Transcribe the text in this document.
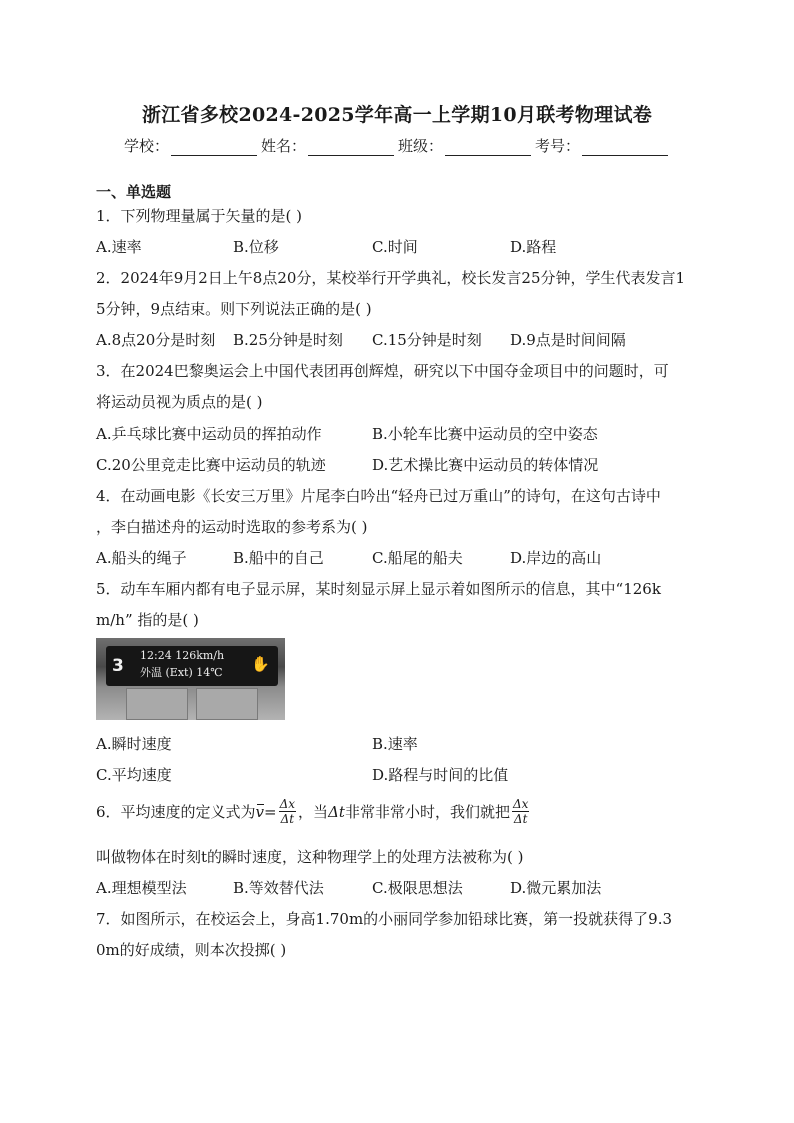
浙江省多校2024-2025学年高一上学期10月联考物理试卷
学校：	姓名：	班级：	考号：
一、单选题
1．下列物理量属于矢量的是( )
A.速率	B.位移	C.时间	D.路程
2．2024年9月2日上午8点20分，某校举行开学典礼，校长发言25分钟，学生代表发言1
5分钟，9点结束。则下列说法正确的是( )
A.8点20分是时刻 B.25分钟是时刻 C.15分钟是时刻 D.9点是时间间隔
3．在2024巴黎奥运会上中国代表团再创辉煌，研究以下中国夺金项目中的问题时，可
将运动员视为质点的是( )
A.乒乓球比赛中运动员的挥拍动作	B.小轮车比赛中运动员的空中姿态
C.20公里竞走比赛中运动员的轨迹	D.艺术操比赛中运动员的转体情况
4．在动画电影《长安三万里》片尾李白吟出“轻舟已过万重山”的诗句，在这句古诗中
，李白描述舟的运动时选取的参考系为( )
A.船头的绳子	B.船中的自己	C.船尾的船夫	D.岸边的高山
5．动车车厢内都有电子显示屏，某时刻显示屏上显示着如图所示的信息，其中“126k
m/h” 指的是( )
3
12:24 126km/h
外温 (Ext) 14℃ ✋
A.瞬时速度	B.速率
C.平均速度	D.路程与时间的比值
6．平均速度的定义式为 $v = \frac{\Delta x}{\Delta t}$ ，当 Δt 非常非常小时，我们就把 $\frac{\Delta x}{\Delta t}$
叫做物体在时刻t的瞬时速度，这种物理学上的处理方法被称为( )
A.理想模型法	B.等效替代法	C.极限思想法	D.微元累加法
7．如图所示，在校运会上，身高1.70m的小丽同学参加铅球比赛，第一投就获得了9.3
0m的好成绩，则本次投掷( )
